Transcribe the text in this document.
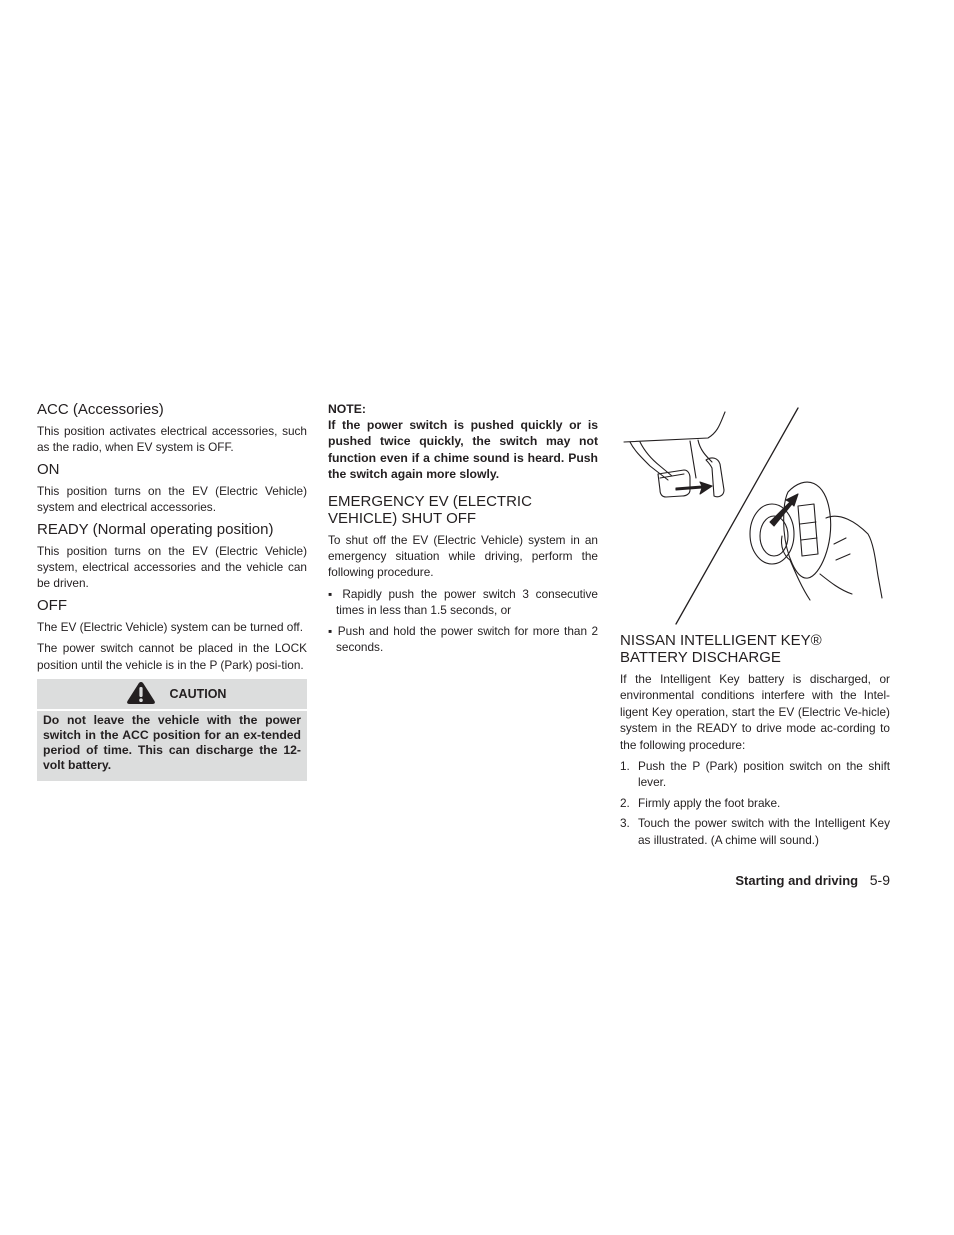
ACC (Accessories)

This position activates electrical accessories, such as the radio, when EV system is OFF.

ON

This position turns on the EV (Electric Vehicle) system and electrical accessories.

READY (Normal operating position)

This position turns on the EV (Electric Vehicle) system, electrical accessories and the vehicle can be driven.

OFF

The EV (Electric Vehicle) system can be turned off.

The power switch cannot be placed in the LOCK position until the vehicle is in the P (Park) posi-tion.

CAUTION
Do not leave the vehicle with the power switch in the ACC position for an ex-tended period of time. This can discharge the 12-volt battery.

NOTE:

If the power switch is pushed quickly or is pushed twice quickly, the switch may not function even if a chime sound is heard. Push the switch again more slowly.

EMERGENCY EV (ELECTRIC
VEHICLE) SHUT OFF

To shut off the EV (Electric Vehicle) system in an emergency situation while driving, perform the following procedure.

▪ Rapidly push the power switch 3 consecutive times in less than 1.5 seconds, or
▪ Push and hold the power switch for more than 2 seconds.	NISSAN INTELLIGENT KEY®
BATTERY DISCHARGE

If the Intelligent Key battery is discharged, or environmental conditions interfere with the Intel-ligent Key operation, start the EV (Electric Ve-hicle) system in the READY to drive mode ac-cording to the following procedure:

1. Push the P (Park) position switch on the shift lever.
2. Firmly apply the foot brake.
3. Touch the power switch with the Intelligent Key as illustrated. (A chime will sound.)
Starting and driving 5-9
